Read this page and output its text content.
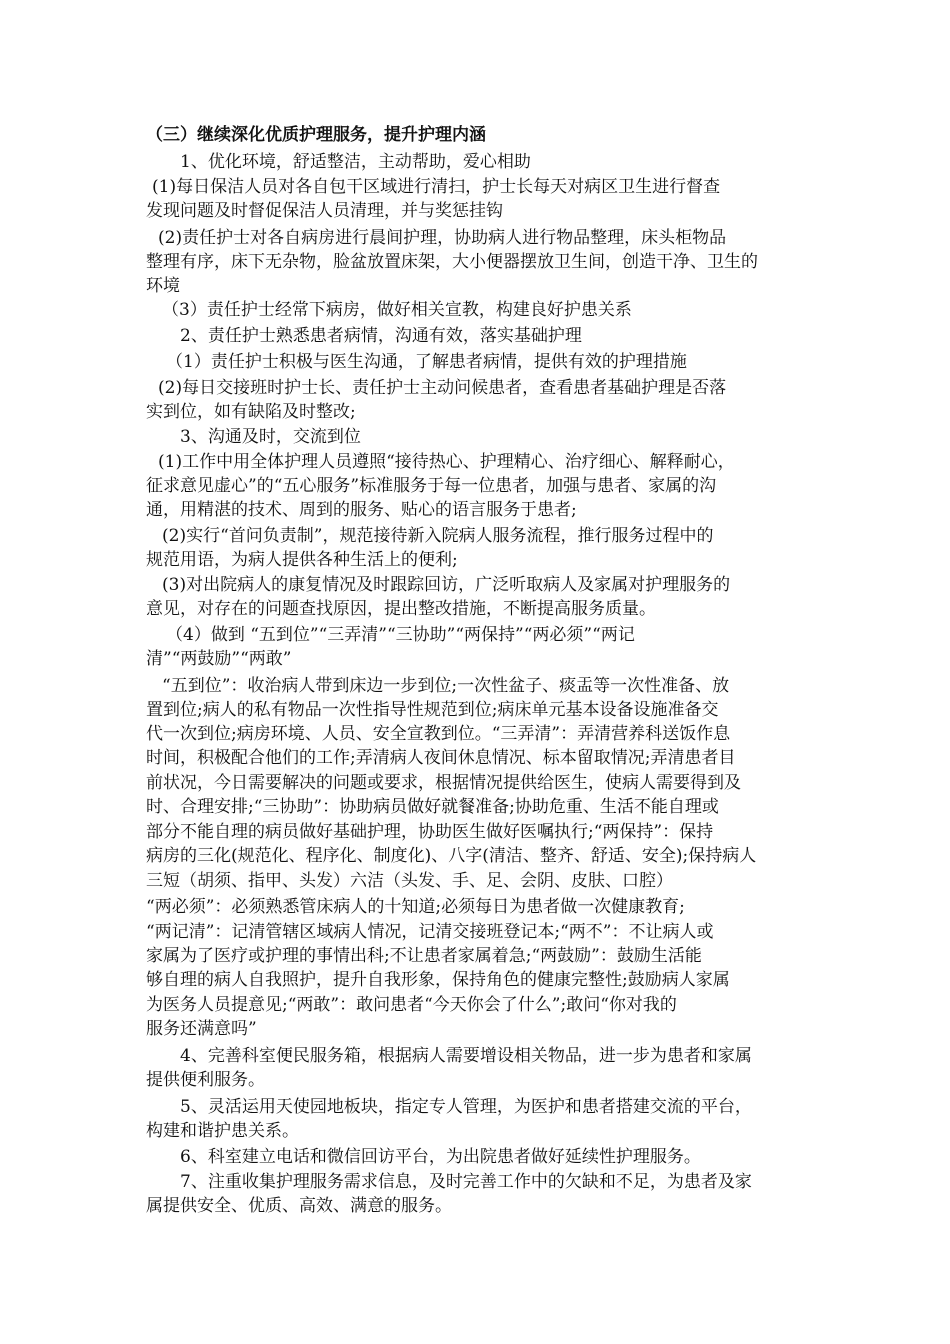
（三）继续深化优质护理服务，提升护理内涵
1、优化环境，舒适整洁，主动帮助，爱心相助
(1)每日保洁人员对各自包干区域进行清扫，护士长每天对病区卫生进行督查
发现问题及时督促保洁人员清理，并与奖惩挂钩
(2)责任护士对各自病房进行晨间护理，协助病人进行物品整理，床头柜物品
整理有序，床下无杂物，脸盆放置床架，大小便器摆放卫生间，创造干净、卫生的
环境
（3）责任护士经常下病房，做好相关宣教，构建良好护患关系
2、责任护士熟悉患者病情，沟通有效，落实基础护理
（1）责任护士积极与医生沟通，了解患者病情，提供有效的护理措施
(2)每日交接班时护士长、责任护士主动问候患者，查看患者基础护理是否落
实到位，如有缺陷及时整改;
3、沟通及时，交流到位
(1)工作中用全体护理人员遵照“接待热心、护理精心、治疗细心、解释耐心，
征求意见虚心”的“五心服务”标准服务于每一位患者，加强与患者、家属的沟
通，用精湛的技术、周到的服务、贴心的语言服务于患者;
(2)实行“首问负责制”，规范接待新入院病人服务流程，推行服务过程中的
规范用语，为病人提供各种生活上的便利;
(3)对出院病人的康复情况及时跟踪回访，广泛听取病人及家属对护理服务的
意见，对存在的问题查找原因，提出整改措施，不断提高服务质量。
（4）做到 “五到位”“三弄清”“三协助”“两保持”“两必须”“两记
清”“两鼓励”“两敢”
“五到位”：收治病人带到床边一步到位;一次性盆子、痰盂等一次性准备、放
置到位;病人的私有物品一次性指导性规范到位;病床单元基本设备设施准备交
代一次到位;病房环境、人员、安全宣教到位。“三弄清”：弄清营养科送饭作息
时间，积极配合他们的工作;弄清病人夜间休息情况、标本留取情况;弄清患者目
前状况，今日需要解决的问题或要求，根据情况提供给医生，使病人需要得到及
时、合理安排;“三协助”：协助病员做好就餐准备;协助危重、生活不能自理或
部分不能自理的病员做好基础护理，协助医生做好医嘱执行;“两保持”：保持
病房的三化(规范化、程序化、制度化)、八字(清洁、整齐、舒适、安全);保持病人
三短（胡须、指甲、头发）六洁（头发、手、足、会阴、皮肤、口腔）
“两必须”：必须熟悉管床病人的十知道;必须每日为患者做一次健康教育;
“两记清”：记清管辖区域病人情况，记清交接班登记本;“两不”：不让病人或
家属为了医疗或护理的事情出科;不让患者家属着急;“两鼓励”：鼓励生活能
够自理的病人自我照护，提升自我形象，保持角色的健康完整性;鼓励病人家属
为医务人员提意见;“两敢”：敢问患者“今天你会了什么”;敢问“你对我的
服务还满意吗”
4、完善科室便民服务箱，根据病人需要增设相关物品，进一步为患者和家属
提供便利服务。
5、灵活运用天使园地板块，指定专人管理，为医护和患者搭建交流的平台，
构建和谐护患关系。
6、科室建立电话和微信回访平台，为出院患者做好延续性护理服务。
7、注重收集护理服务需求信息，及时完善工作中的欠缺和不足，为患者及家
属提供安全、优质、高效、满意的服务。
